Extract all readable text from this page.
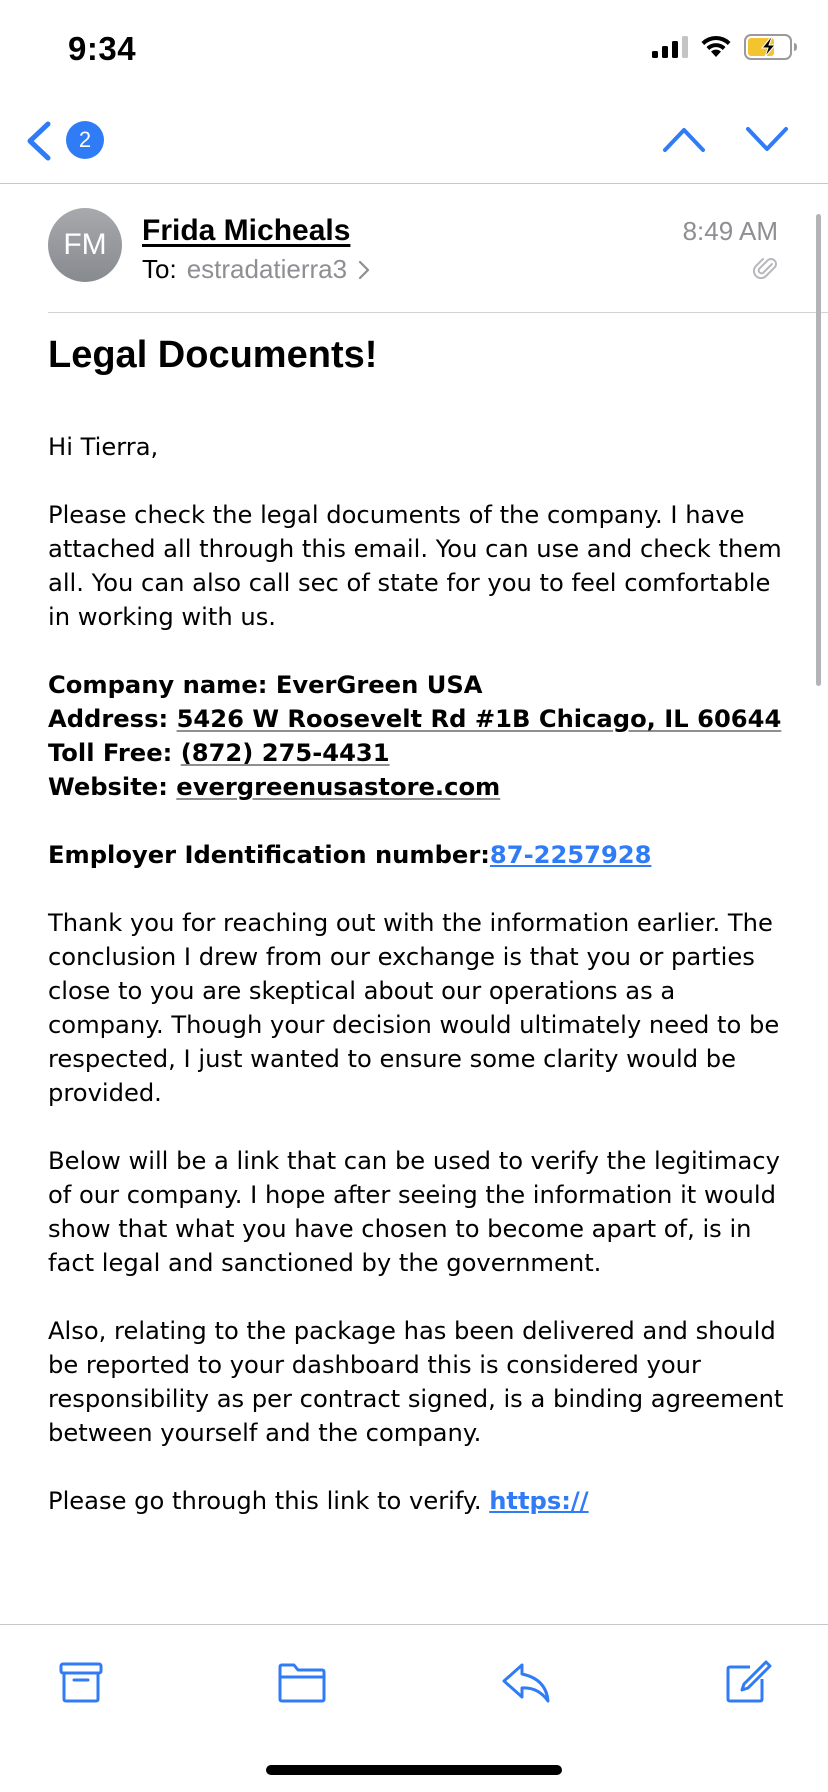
9:34
2
FM	Frida Micheals
To: estradatierra3
8:49 AM
Legal Documents!

Hi Tierra,

Please check the legal documents of the company. I have attached all through this email. You can use and check them all. You can also call sec of state for you to feel comfortable in working with us.

Company name: EverGreen USA
Address: 5426 W Roosevelt Rd #1B Chicago, IL 60644
Toll Free: (872) 275-4431
Website: evergreenusastore.com

Employer Identification number:87-2257928

Thank you for reaching out with the information earlier. The conclusion I drew from our exchange is that you or parties close to you are skeptical about our operations as a company. Though your decision would ultimately need to be respected, I just wanted to ensure some clarity would be provided.

Below will be a link that can be used to verify the legitimacy of our company. I hope after seeing the information it would show that what you have chosen to become apart of, is in fact legal and sanctioned by the government.

Also, relating to the package has been delivered and should be reported to your dashboard this is considered your responsibility as per contract signed, is a binding agreement between yourself and the company.

Please go through this link to verify. https://
